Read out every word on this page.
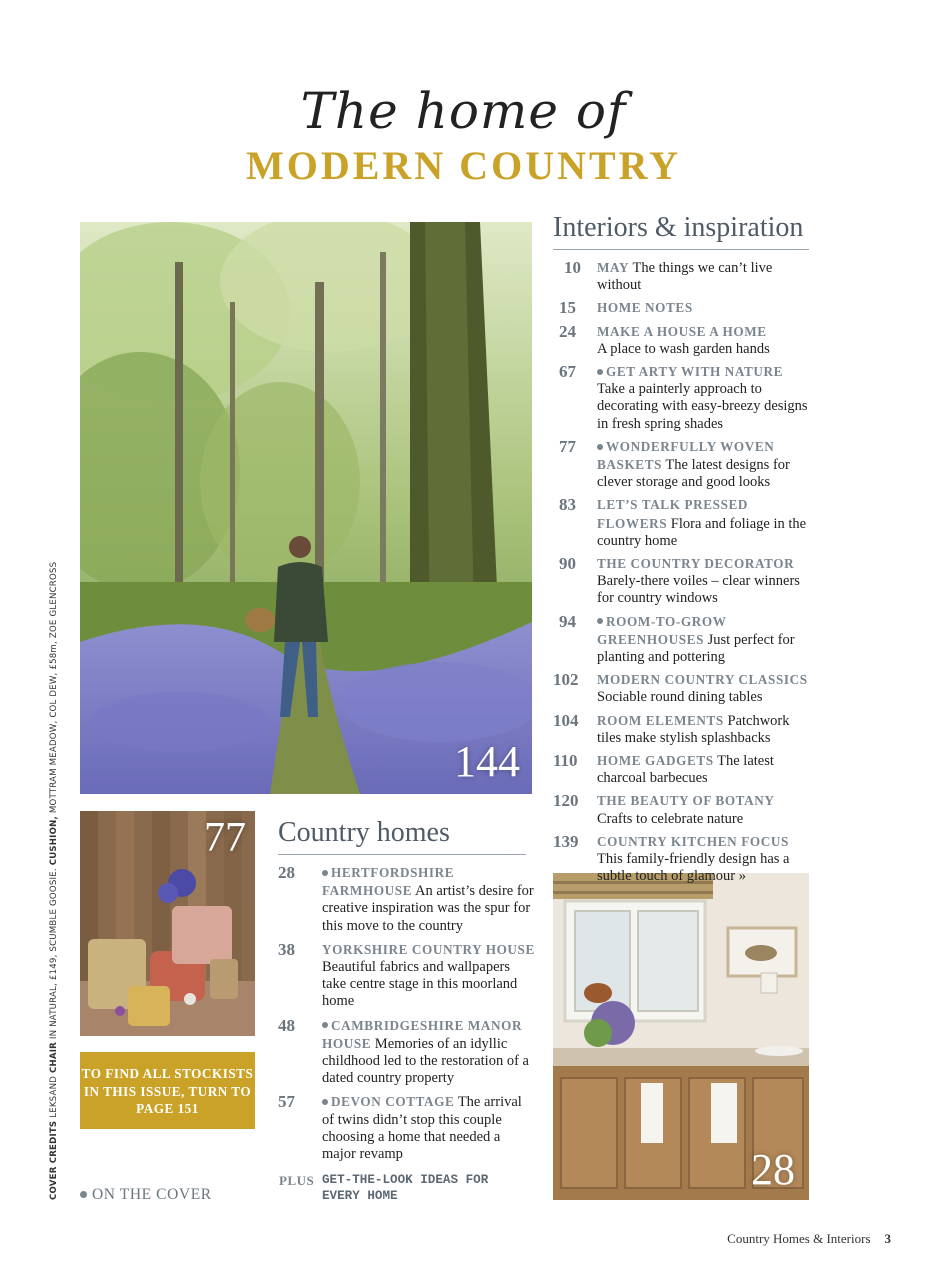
The home of
MODERN COUNTRY
144
77
28
Interiors & inspiration
10	MAY The things we can’t live without
15	HOME NOTES
24	MAKE A HOUSE A HOME
A place to wash garden hands
67	GET ARTY WITH NATURE
Take a painterly approach to decorating with easy-breezy designs in fresh spring shades
77	WONDERFULLY WOVEN BASKETS The latest designs for clever storage and good looks
83	LET’S TALK PRESSED FLOWERS Flora and foliage in the country home
90	THE COUNTRY DECORATOR
Barely-there voiles – clear winners for country windows
94	ROOM-TO-GROW GREENHOUSES Just perfect for planting and pottering
102	MODERN COUNTRY CLASSICS
Sociable round dining tables
104	ROOM ELEMENTS Patchwork tiles make stylish splashbacks
110	HOME GADGETS The latest charcoal barbecues
120	THE BEAUTY OF BOTANY
Crafts to celebrate nature
139	COUNTRY KITCHEN FOCUS
This family-friendly design has a subtle touch of glamour »
Country homes
28	HERTFORDSHIRE FARMHOUSE An artist’s desire for creative inspiration was the spur for this move to the country
38	YORKSHIRE COUNTRY HOUSE Beautiful fabrics and wallpapers take centre stage in this moorland home
48	CAMBRIDGESHIRE MANOR HOUSE Memories of an idyllic childhood led to the restoration of a dated country property
57	DEVON COTTAGE The arrival of twins didn’t stop this couple choosing a home that needed a major revamp
PLUS GET-THE-LOOK IDEAS FOR EVERY HOME
TO FIND ALL STOCKISTS IN THIS ISSUE, TURN TO PAGE 151
COVER CREDITS LEKSAND CHAIR IN NATURAL, £149, SCUMBLE GOOSIE. CUSHION, MOTTRAM MEADOW, COL DEW, £58m, ZOE GLENCROSS
ON THE COVER
Country Homes & Interiors 3
